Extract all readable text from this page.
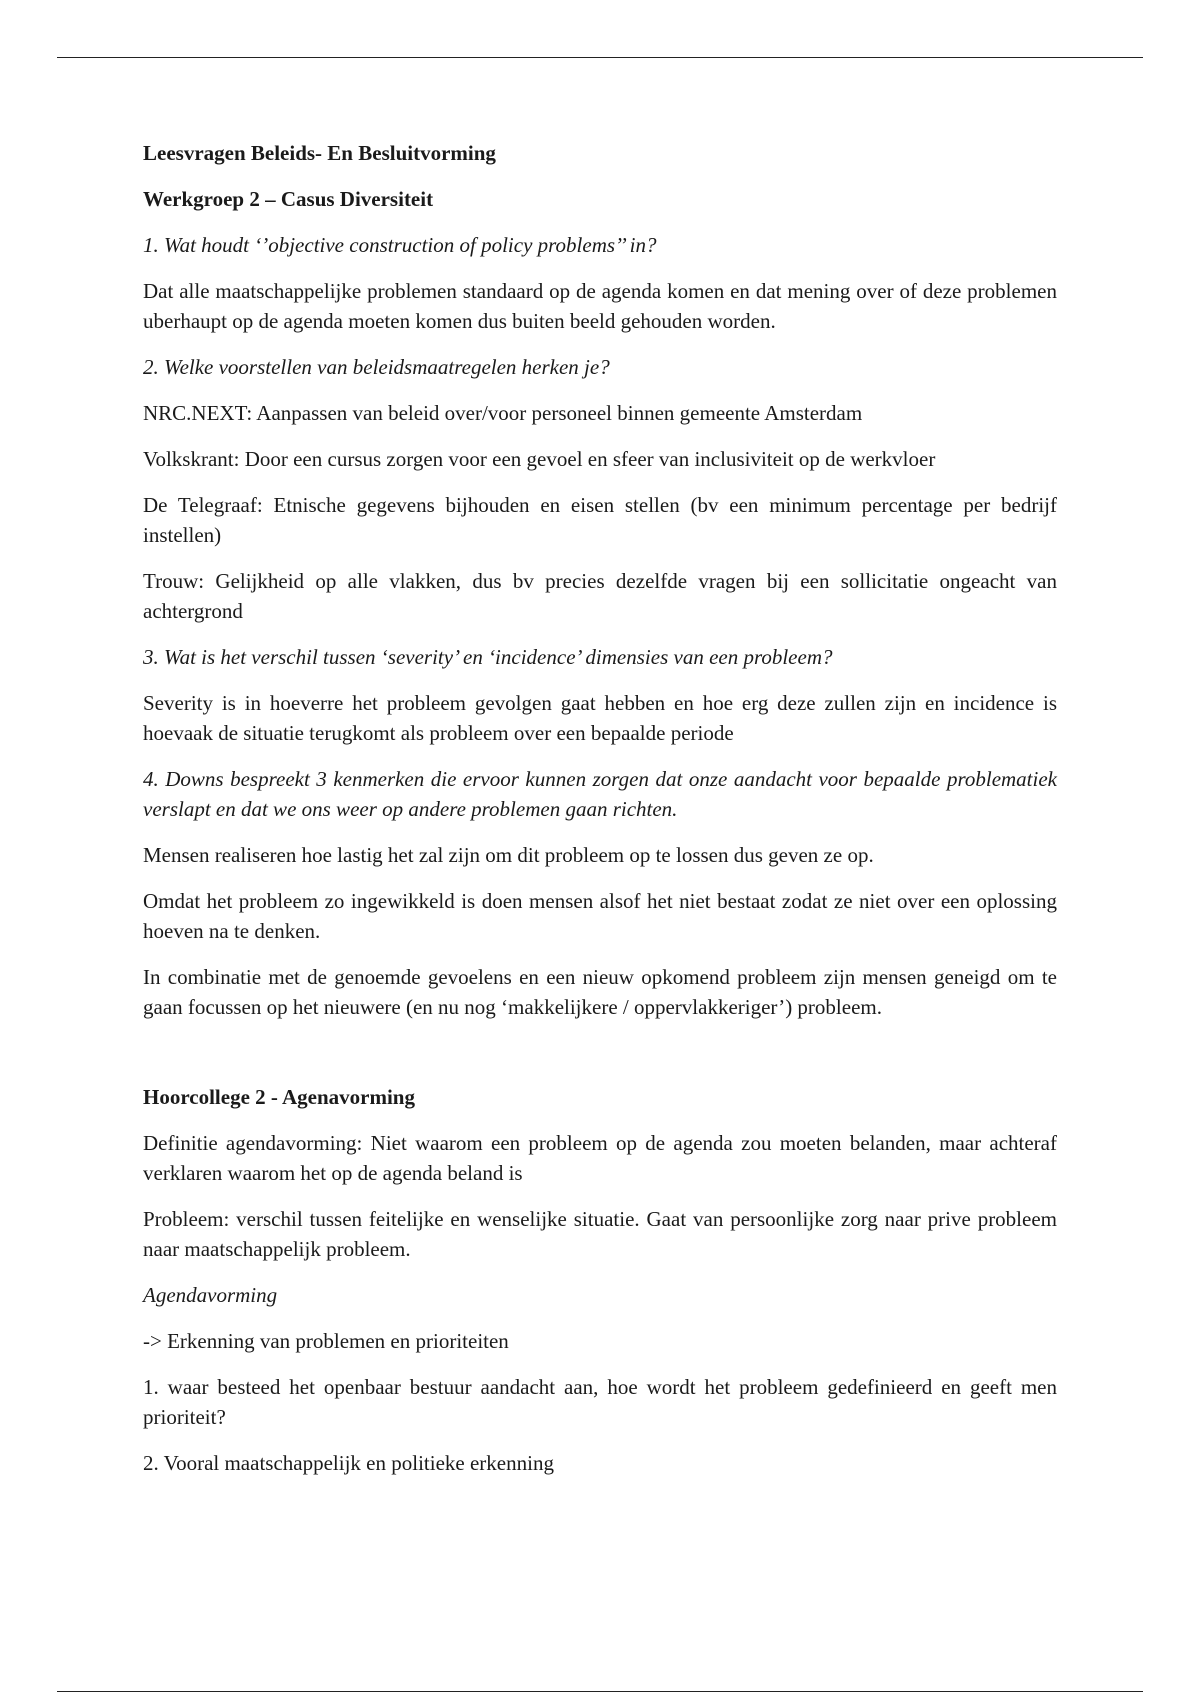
Leesvragen Beleids- En Besluitvorming

Werkgroep 2 – Casus Diversiteit

1. Wat houdt ‘’objective construction of policy problems’’ in?

Dat alle maatschappelijke problemen standaard op de agenda komen en dat mening over of deze problemen uberhaupt op de agenda moeten komen dus buiten beeld gehouden worden.

2. Welke voorstellen van beleidsmaatregelen herken je?

NRC.NEXT: Aanpassen van beleid over/voor personeel binnen gemeente Amsterdam

Volkskrant: Door een cursus zorgen voor een gevoel en sfeer van inclusiviteit op de werkvloer

De Telegraaf: Etnische gegevens bijhouden en eisen stellen (bv een minimum percentage per bedrijf instellen)

Trouw: Gelijkheid op alle vlakken, dus bv precies dezelfde vragen bij een sollicitatie ongeacht van achtergrond

3. Wat is het verschil tussen ‘severity’ en ‘incidence’ dimensies van een probleem?

Severity is in hoeverre het probleem gevolgen gaat hebben en hoe erg deze zullen zijn en incidence is hoevaak de situatie terugkomt als probleem over een bepaalde periode

4. Downs bespreekt 3 kenmerken die ervoor kunnen zorgen dat onze aandacht voor bepaalde problematiek verslapt en dat we ons weer op andere problemen gaan richten.

Mensen realiseren hoe lastig het zal zijn om dit probleem op te lossen dus geven ze op.

Omdat het probleem zo ingewikkeld is doen mensen alsof het niet bestaat zodat ze niet over een oplossing hoeven na te denken.

In combinatie met de genoemde gevoelens en een nieuw opkomend probleem zijn mensen geneigd om te gaan focussen op het nieuwere (en nu nog ‘makkelijkere / oppervlakkeriger’) probleem.

Hoorcollege 2 - Agenavorming

Definitie agendavorming: Niet waarom een probleem op de agenda zou moeten belanden, maar achteraf verklaren waarom het op de agenda beland is

Probleem: verschil tussen feitelijke en wenselijke situatie. Gaat van persoonlijke zorg naar prive probleem naar maatschappelijk probleem.

Agendavorming

-> Erkenning van problemen en prioriteiten

1. waar besteed het openbaar bestuur aandacht aan, hoe wordt het probleem gedefinieerd en geeft men prioriteit?

2. Vooral maatschappelijk en politieke erkenning
